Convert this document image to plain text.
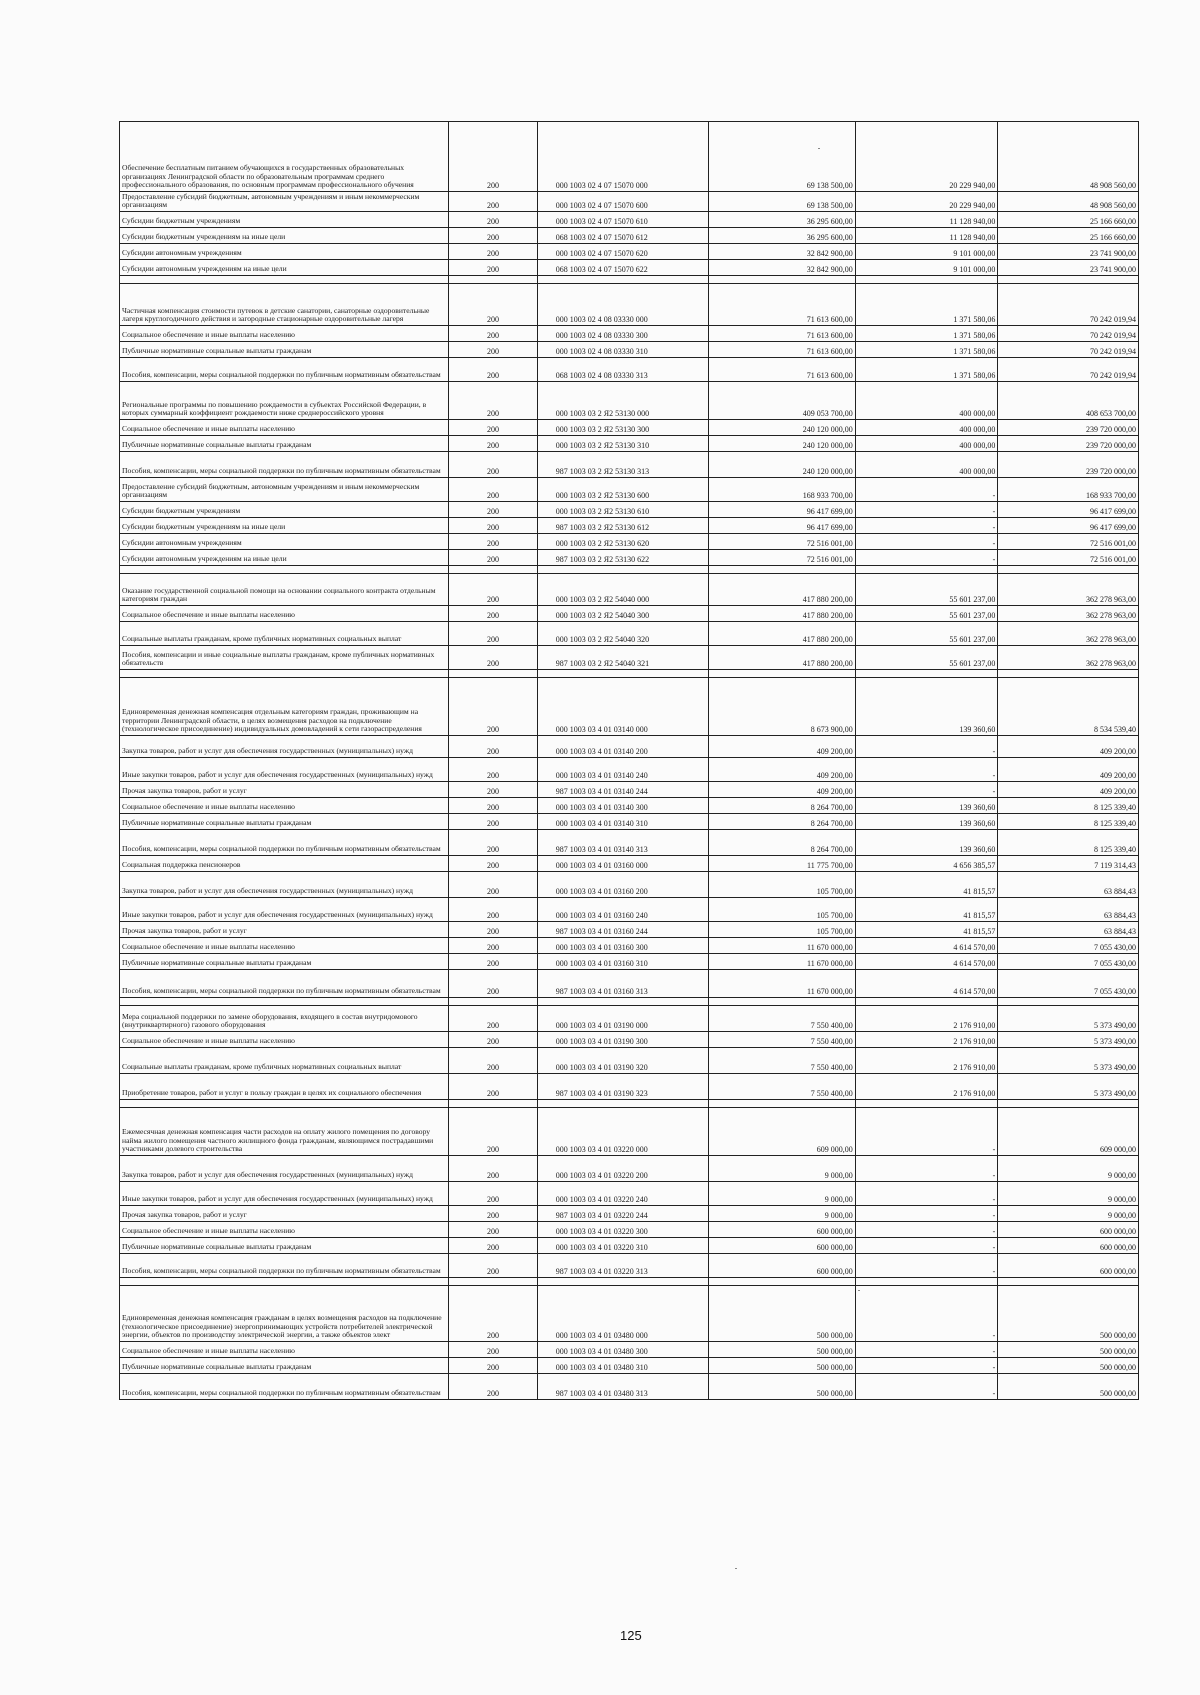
Обеспечение бесплатным питанием обучающихся в государственных образовательных организациях Ленинградской области по образовательным программам среднего профессионального образования, по основным программам профессионального обучения	200	000 1003 02 4 07 15070 000	69 138 500,00	20 229 940,00	48 908 560,00
Предоставление субсидий бюджетным, автономным учреждениям и иным некоммерческим организациям	200	000 1003 02 4 07 15070 600	69 138 500,00	20 229 940,00	48 908 560,00
Субсидии бюджетным учреждениям	200	000 1003 02 4 07 15070 610	36 295 600,00	11 128 940,00	25 166 660,00
Субсидии бюджетным учреждениям на иные цели	200	068 1003 02 4 07 15070 612	36 295 600,00	11 128 940,00	25 166 660,00
Субсидии автономным учреждениям	200	000 1003 02 4 07 15070 620	32 842 900,00	9 101 000,00	23 741 900,00
Субсидии автономным учреждениям на иные цели	200	068 1003 02 4 07 15070 622	32 842 900,00	9 101 000,00	23 741 900,00

Частичная компенсация стоимости путевок в детские санатории, санаторные оздоровительные лагеря круглогодичного действия и загородные стационарные оздоровительные лагеря	200	000 1003 02 4 08 03330 000	71 613 600,00	1 371 580,06	70 242 019,94
Социальное обеспечение и иные выплаты населению	200	000 1003 02 4 08 03330 300	71 613 600,00	1 371 580,06	70 242 019,94
Публичные нормативные социальные выплаты гражданам	200	000 1003 02 4 08 03330 310	71 613 600,00	1 371 580,06	70 242 019,94
Пособия, компенсации, меры социальной поддержки по публичным нормативным обязательствам	200	068 1003 02 4 08 03330 313	71 613 600,00	1 371 580,06	70 242 019,94
Региональные программы по повышению рождаемости в субъектах Российской Федерации, в которых суммарный коэффициент рождаемости ниже среднероссийского уровня	200	000 1003 03 2 Я2 53130 000	409 053 700,00	400 000,00	408 653 700,00
Социальное обеспечение и иные выплаты населению	200	000 1003 03 2 Я2 53130 300	240 120 000,00	400 000,00	239 720 000,00
Публичные нормативные социальные выплаты гражданам	200	000 1003 03 2 Я2 53130 310	240 120 000,00	400 000,00	239 720 000,00
Пособия, компенсации, меры социальной поддержки по публичным нормативным обязательствам	200	987 1003 03 2 Я2 53130 313	240 120 000,00	400 000,00	239 720 000,00
Предоставление субсидий бюджетным, автономным учреждениям и иным некоммерческим организациям	200	000 1003 03 2 Я2 53130 600	168 933 700,00	-	168 933 700,00
Субсидии бюджетным учреждениям	200	000 1003 03 2 Я2 53130 610	96 417 699,00	-	96 417 699,00
Субсидии бюджетным учреждениям на иные цели	200	987 1003 03 2 Я2 53130 612	96 417 699,00	-	96 417 699,00
Субсидии автономным учреждениям	200	000 1003 03 2 Я2 53130 620	72 516 001,00	-	72 516 001,00
Субсидии автономным учреждениям на иные цели	200	987 1003 03 2 Я2 53130 622	72 516 001,00	-	72 516 001,00

Оказание государственной социальной помощи на основании социального контракта отдельным категориям граждан	200	000 1003 03 2 Я2 54040 000	417 880 200,00	55 601 237,00	362 278 963,00
Социальное обеспечение и иные выплаты населению	200	000 1003 03 2 Я2 54040 300	417 880 200,00	55 601 237,00	362 278 963,00
Социальные выплаты гражданам, кроме публичных нормативных социальных выплат	200	000 1003 03 2 Я2 54040 320	417 880 200,00	55 601 237,00	362 278 963,00
Пособия, компенсации и иные социальные выплаты гражданам, кроме публичных нормативных обязательств	200	987 1003 03 2 Я2 54040 321	417 880 200,00	55 601 237,00	362 278 963,00

Единовременная денежная компенсация отдельным категориям граждан, проживающим на территории Ленинградской области, в целях возмещения расходов на подключение (технологическое присоединение) индивидуальных домовладений к сети газораспределения	200	000 1003 03 4 01 03140 000	8 673 900,00	139 360,60	8 534 539,40
Закупка товаров, работ и услуг для обеспечения государственных (муниципальных) нужд	200	000 1003 03 4 01 03140 200	409 200,00	-	409 200,00
Иные закупки товаров, работ и услуг для обеспечения государственных (муниципальных) нужд	200	000 1003 03 4 01 03140 240	409 200,00	-	409 200,00
Прочая закупка товаров, работ и услуг	200	987 1003 03 4 01 03140 244	409 200,00	-	409 200,00
Социальное обеспечение и иные выплаты населению	200	000 1003 03 4 01 03140 300	8 264 700,00	139 360,60	8 125 339,40
Публичные нормативные социальные выплаты гражданам	200	000 1003 03 4 01 03140 310	8 264 700,00	139 360,60	8 125 339,40
Пособия, компенсации, меры социальной поддержки по публичным нормативным обязательствам	200	987 1003 03 4 01 03140 313	8 264 700,00	139 360,60	8 125 339,40
Социальная поддержка пенсионеров	200	000 1003 03 4 01 03160 000	11 775 700,00	4 656 385,57	7 119 314,43
Закупка товаров, работ и услуг для обеспечения государственных (муниципальных) нужд	200	000 1003 03 4 01 03160 200	105 700,00	41 815,57	63 884,43
Иные закупки товаров, работ и услуг для обеспечения государственных (муниципальных) нужд	200	000 1003 03 4 01 03160 240	105 700,00	41 815,57	63 884,43
Прочая закупка товаров, работ и услуг	200	987 1003 03 4 01 03160 244	105 700,00	41 815,57	63 884,43
Социальное обеспечение и иные выплаты населению	200	000 1003 03 4 01 03160 300	11 670 000,00	4 614 570,00	7 055 430,00
Публичные нормативные социальные выплаты гражданам	200	000 1003 03 4 01 03160 310	11 670 000,00	4 614 570,00	7 055 430,00
Пособия, компенсации, меры социальной поддержки по публичным нормативным обязательствам	200	987 1003 03 4 01 03160 313	11 670 000,00	4 614 570,00	7 055 430,00

Мера социальной поддержки по замене оборудования, входящего в состав внутридомового (внутриквартирного) газового оборудования	200	000 1003 03 4 01 03190 000	7 550 400,00	2 176 910,00	5 373 490,00
Социальное обеспечение и иные выплаты населению	200	000 1003 03 4 01 03190 300	7 550 400,00	2 176 910,00	5 373 490,00
Социальные выплаты гражданам, кроме публичных нормативных социальных выплат	200	000 1003 03 4 01 03190 320	7 550 400,00	2 176 910,00	5 373 490,00
Приобретение товаров, работ и услуг в пользу граждан в целях их социального обеспечения	200	987 1003 03 4 01 03190 323	7 550 400,00	2 176 910,00	5 373 490,00

Ежемесячная денежная компенсация части расходов на оплату жилого помещения по договору найма жилого помещения частного жилищного фонда гражданам, являющимся пострадавшими участниками долевого строительства	200	000 1003 03 4 01 03220 000	609 000,00	-	609 000,00
Закупка товаров, работ и услуг для обеспечения государственных (муниципальных) нужд	200	000 1003 03 4 01 03220 200	9 000,00	-	9 000,00
Иные закупки товаров, работ и услуг для обеспечения государственных (муниципальных) нужд	200	000 1003 03 4 01 03220 240	9 000,00	-	9 000,00
Прочая закупка товаров, работ и услуг	200	987 1003 03 4 01 03220 244	9 000,00	-	9 000,00
Социальное обеспечение и иные выплаты населению	200	000 1003 03 4 01 03220 300	600 000,00	-	600 000,00
Публичные нормативные социальные выплаты гражданам	200	000 1003 03 4 01 03220 310	600 000,00	-	600 000,00
Пособия, компенсации, меры социальной поддержки по публичным нормативным обязательствам	200	987 1003 03 4 01 03220 313	600 000,00	-	600 000,00

Единовременная денежная компенсация гражданам в целях возмещения расходов на подключение (технологическое присоединение) энергопринимающих устройств потребителей электрической энергии, объектов по производству электрической энергии, а также объектов элект	200	000 1003 03 4 01 03480 000	500 000,00	-	500 000,00
Социальное обеспечение и иные выплаты населению	200	000 1003 03 4 01 03480 300	500 000,00	-	500 000,00
Публичные нормативные социальные выплаты гражданам	200	000 1003 03 4 01 03480 310	500 000,00	-	500 000,00
Пособия, компенсации, меры социальной поддержки по публичным нормативным обязательствам	200	987 1003 03 4 01 03480 313	500 000,00	-	500 000,00
125
